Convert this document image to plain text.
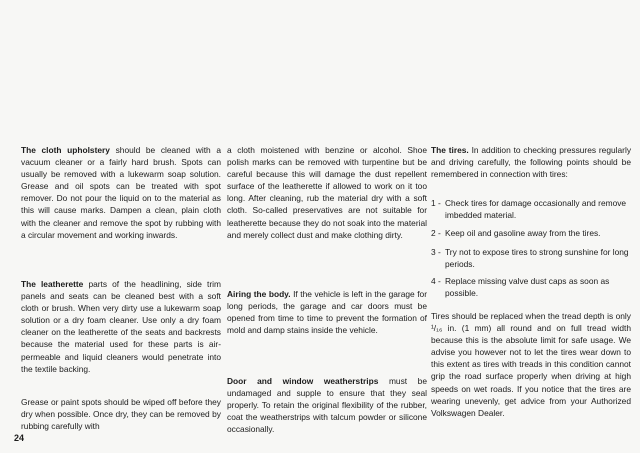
The cloth upholstery should be cleaned with a vacuum cleaner or a fairly hard brush. Spots can usually be removed with a lukewarm soap solution. Grease and oil spots can be treated with spot remover. Do not pour the liquid on to the material as this will cause marks. Dampen a clean, plain cloth with the cleaner and remove the spot by rubbing with a circular movement and working inwards.

The leatherette parts of the headlining, side trim panels and seats can be cleaned best with a soft cloth or brush. When very dirty use a lukewarm soap solution or a dry foam cleaner. Use only a dry foam cleaner on the leatherette of the seats and backrests because the material used for these parts is air-permeable and liquid cleaners would penetrate into the textile backing.

Grease or paint spots should be wiped off before they dry when possible. Once dry, they can be removed by rubbing carefully with

a cloth moistened with benzine or alcohol. Shoe polish marks can be removed with turpentine but be careful because this will damage the dust repellent surface of the leatherette if allowed to work on it too long. After cleaning, rub the material dry with a soft cloth. So-called preservatives are not suitable for leatherette because they do not soak into the material and merely collect dust and make clothing dirty.

Airing the body. If the vehicle is left in the garage for long periods, the garage and car doors must be opened from time to time to prevent the formation of mold and damp stains inside the vehicle.

Door and window weatherstrips must be undamaged and supple to ensure that they seal properly. To retain the original flexibility of the rubber, coat the weatherstrips with talcum powder or silicone occasionally.

The tires. In addition to checking pressures regularly and driving carefully, the following points should be remembered in connection with tires:

1 - Check tires for damage occasionally and remove imbedded material.
2 - Keep oil and gasoline away from the tires.
3 - Try not to expose tires to strong sunshine for long periods.
4 - Replace missing valve dust caps as soon as possible.

Tires should be replaced when the tread depth is only ¹/₁₆ in. (1 mm) all round and on full tread width because this is the absolute limit for safe usage. We advise you however not to let the tires wear down to this extent as tires with treads in this condition cannot grip the road surface properly when driving at high speeds on wet roads. If you notice that the tires are wearing unevenly, get advice from your Authorized Volkswagen Dealer.

24
